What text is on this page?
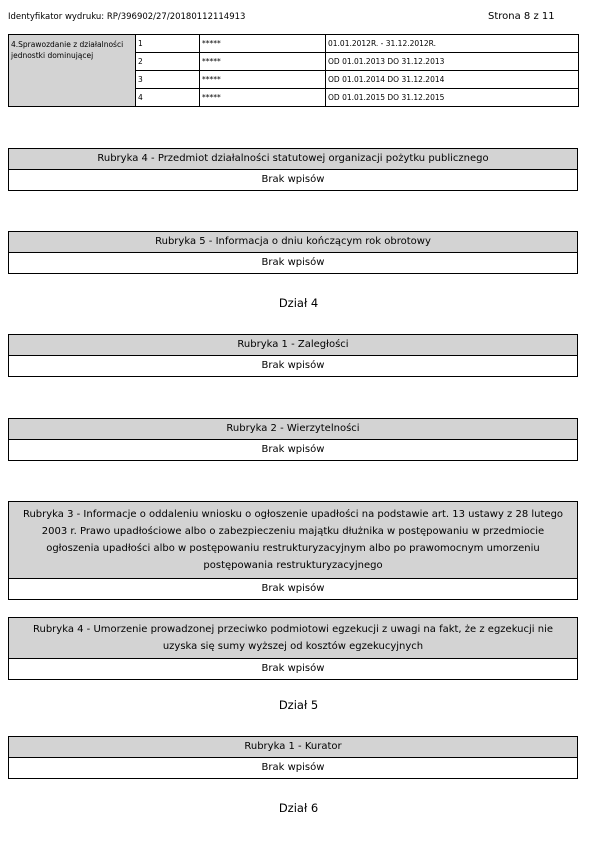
Identyfikator wydruku: RP/396902/27/20180112114913	Strona 8 z 11
4.Sprawozdanie z działalności jednostki dominującej	1	*****	01.01.2012R. - 31.12.2012R.
	2	*****	OD 01.01.2013 DO 31.12.2013
	3	*****	OD 01.01.2014 DO 31.12.2014
	4	*****	OD 01.01.2015 DO 31.12.2015
Rubryka 4 - Przedmiot działalności statutowej organizacji pożytku publicznego
Brak wpisów
Rubryka 5 - Informacja o dniu kończącym rok obrotowy
Brak wpisów
Dział 4
Rubryka 1 - Zaległości
Brak wpisów
Rubryka 2 - Wierzytelności
Brak wpisów
Rubryka 3 - Informacje o oddaleniu wniosku o ogłoszenie upadłości na podstawie art. 13 ustawy z 28 lutego 2003 r. Prawo upadłościowe albo o zabezpieczeniu majątku dłużnika w postępowaniu w przedmiocie ogłoszenia upadłości albo w postępowaniu restrukturyzacyjnym albo po prawomocnym umorzeniu postępowania restrukturyzacyjnego
Brak wpisów
Rubryka 4 - Umorzenie prowadzonej przeciwko podmiotowi egzekucji z uwagi na fakt, że z egzekucji nie uzyska się sumy wyższej od kosztów egzekucyjnych
Brak wpisów
Dział 5
Rubryka 1 - Kurator
Brak wpisów
Dział 6
